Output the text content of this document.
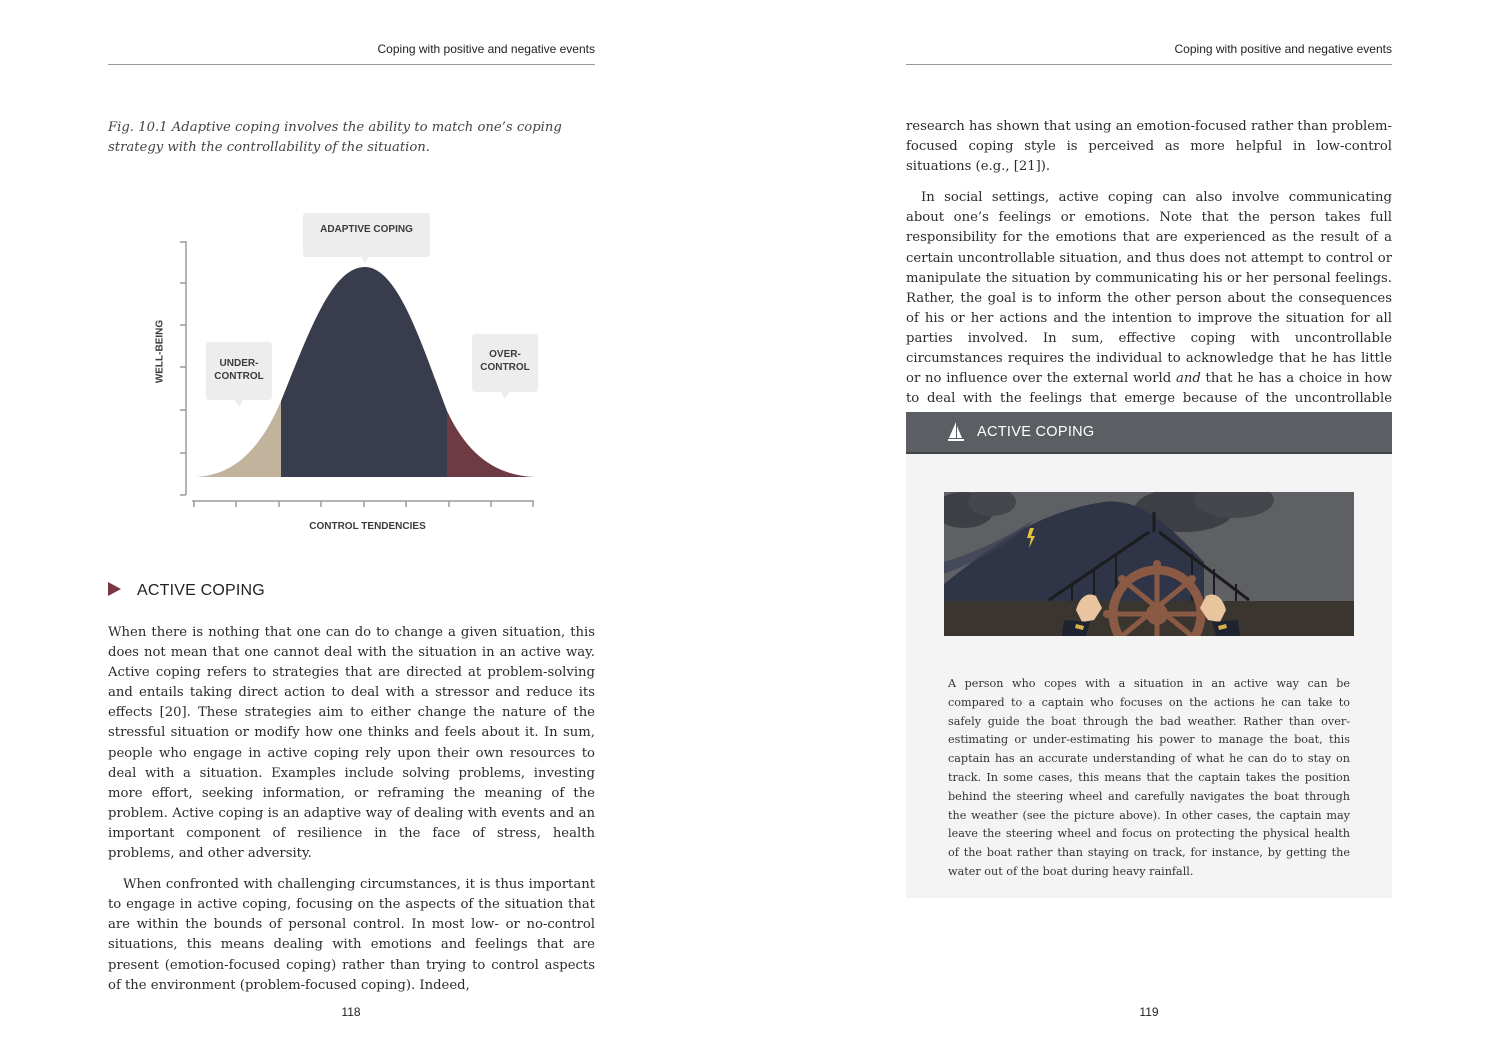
Coping with positive and negative events
Fig. 10.1 Adaptive coping involves the ability to match one’s coping strategy with the controllability of the situation.
ADAPTIVE COPING
UNDER-CONTROL
OVER-CONTROL
WELL-BEING
CONTROL TENDENCIES
ACTIVE COPING

When there is nothing that one can do to change a given situation, this does not mean that one cannot deal with the situation in an active way. Active coping refers to strategies that are directed at problem-solving and entails taking direct action to deal with a stressor and reduce its effects [20]. These strategies aim to either change the nature of the stressful situation or modify how one thinks and feels about it. In sum, people who engage in active coping rely upon their own resources to deal with a situation. Examples include solving problems, investing more effort, seeking information, or reframing the meaning of the problem. Active coping is an adaptive way of dealing with events and an important component of resilience in the face of stress, health problems, and other adversity.

When confronted with challenging circumstances, it is thus important to engage in active coping, focusing on the aspects of the situation that are within the bounds of personal control. In most low- or no-control situations, this means dealing with emotions and feelings that are present (emotion-focused coping) rather than trying to control aspects of the environment (problem-focused coping). Indeed,

118
Coping with positive and negative events

research has shown that using an emotion-focused rather than problem-focused coping style is perceived as more helpful in low-control situations (e.g., [21]).

In social settings, active coping can also involve communicating about one’s feelings or emotions. Note that the person takes full responsibility for the emotions that are experienced as the result of a certain uncontrollable situation, and thus does not attempt to control or manipulate the situation by communicating his or her personal feelings. Rather, the goal is to inform the other person about the consequences of his or her actions and the intention to improve the situation for all parties involved. In sum, effective coping with uncontrollable circumstances requires the individual to acknowledge that he has little or no influence over the external world and that he has a choice in how to deal with the feelings that emerge because of the uncontrollable

119
ACTIVE COPING
A person who copes with a situation in an active way can be compared to a captain who focuses on the actions he can take to safely guide the boat through the bad weather. Rather than over-estimating or under-estimating his power to manage the boat, this captain has an accurate understanding of what he can do to stay on track. In some cases, this means that the captain takes the position behind the steering wheel and carefully navigates the boat through the weather (see the picture above). In other cases, the captain may leave the steering wheel and focus on protecting the physical health of the boat rather than staying on track, for instance, by getting the water out of the boat during heavy rainfall.
